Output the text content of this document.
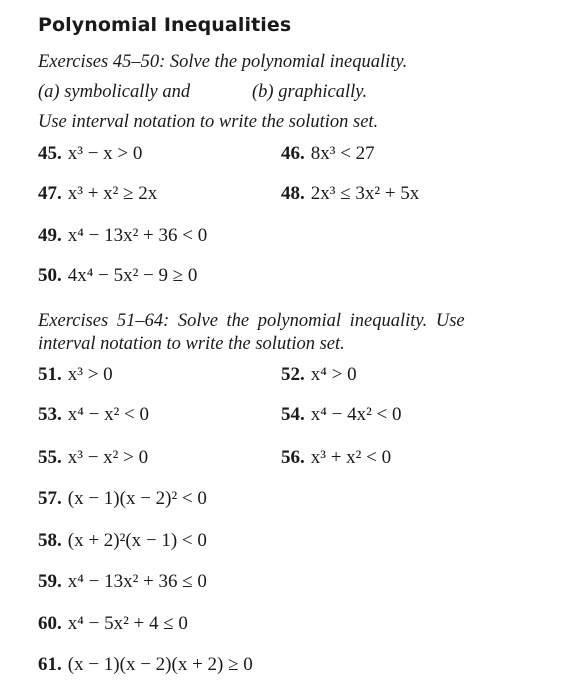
Polynomial Inequalities
Exercises 45–50: Solve the polynomial inequality.
(a) symbolically and	(b) graphically.
Use interval notation to write the solution set.
45. x³ − x > 0	46. 8x³ < 27
47. x³ + x² ≥ 2x	48. 2x³ ≤ 3x² + 5x
49. x⁴ − 13x² + 36 < 0
50. 4x⁴ − 5x² − 9 ≥ 0
Exercises 51–64: Solve the polynomial inequality. Use
interval notation to write the solution set.
51. x³ > 0	52. x⁴ > 0
53. x⁴ − x² < 0	54. x⁴ − 4x² < 0
55. x³ − x² > 0	56. x³ + x² < 0
57. (x − 1)(x − 2)² < 0
58. (x + 2)²(x − 1) < 0
59. x⁴ − 13x² + 36 ≤ 0
60. x⁴ − 5x² + 4 ≤ 0
61. (x − 1)(x − 2)(x + 2) ≥ 0
